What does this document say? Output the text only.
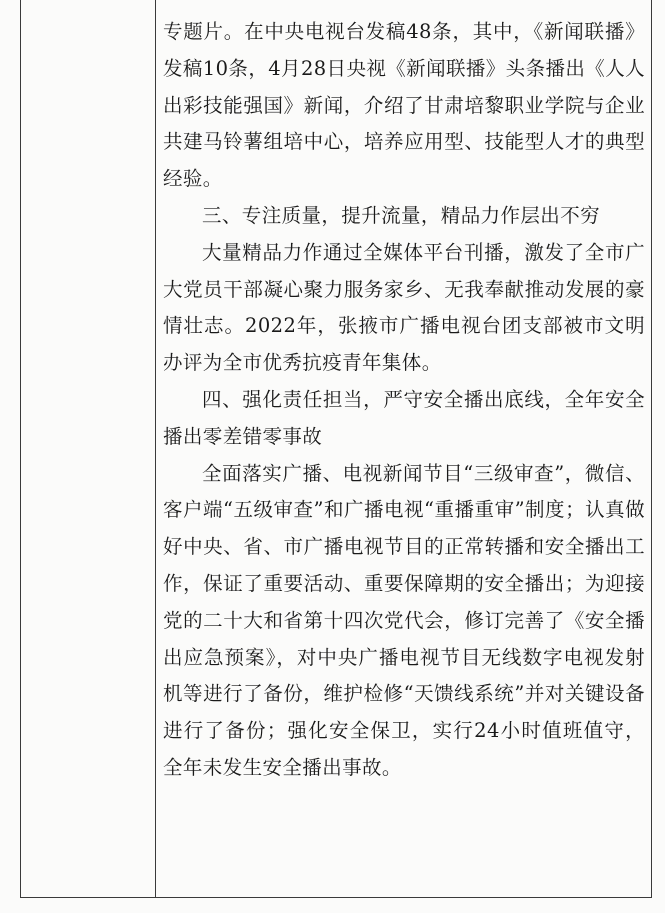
专题片。在中央电视台发稿48条，其中，《新闻联播》发稿10条，4月28日央视《新闻联播》头条播出《人人出彩技能强国》新闻，介绍了甘肃培黎职业学院与企业共建马铃薯组培中心，培养应用型、技能型人才的典型经验。

三、专注质量，提升流量，精品力作层出不穷

大量精品力作通过全媒体平台刊播，激发了全市广大党员干部凝心聚力服务家乡、无我奉献推动发展的豪情壮志。2022年，张掖市广播电视台团支部被市文明办评为全市优秀抗疫青年集体。

四、强化责任担当，严守安全播出底线，全年安全播出零差错零事故

全面落实广播、电视新闻节目“三级审查”，微信、客户端“五级审查”和广播电视“重播重审”制度；认真做好中央、省、市广播电视节目的正常转播和安全播出工作，保证了重要活动、重要保障期的安全播出；为迎接党的二十大和省第十四次党代会，修订完善了《安全播出应急预案》，对中央广播电视节目无线数字电视发射机等进行了备份，维护检修“天馈线系统”并对关键设备进行了备份；强化安全保卫，实行24小时值班值守，全年未发生安全播出事故。
